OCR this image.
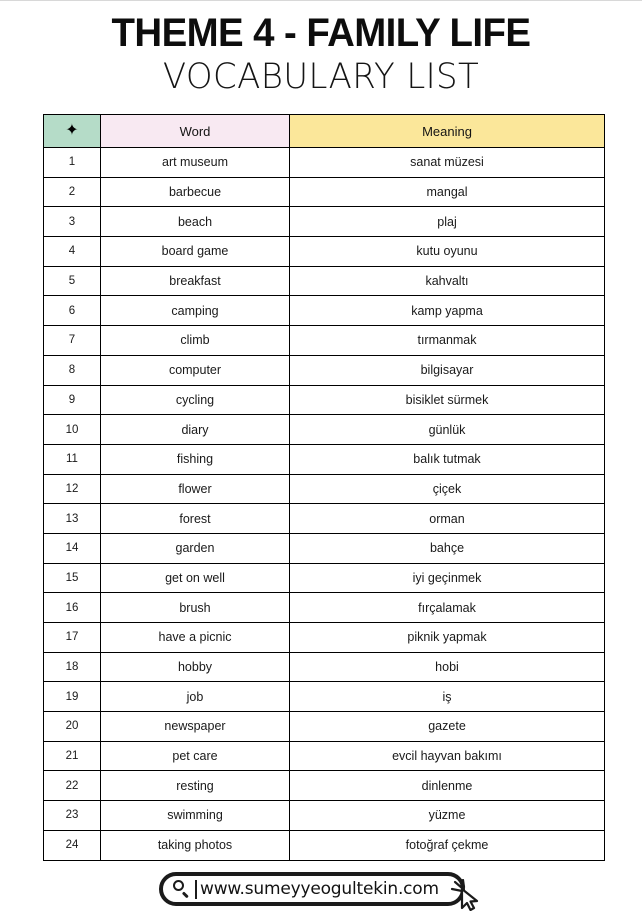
THEME 4 - FAMILY LIFE
VOCABULARY LIST
✦	Word	Meaning
1	art museum	sanat müzesi
2	barbecue	mangal
3	beach	plaj
4	board game	kutu oyunu
5	breakfast	kahvaltı
6	camping	kamp yapma
7	climb	tırmanmak
8	computer	bilgisayar
9	cycling	bisiklet sürmek
10	diary	günlük
11	fishing	balık tutmak
12	flower	çiçek
13	forest	orman
14	garden	bahçe
15	get on well	iyi geçinmek
16	brush	fırçalamak
17	have a picnic	piknik yapmak
18	hobby	hobi
19	job	iş
20	newspaper	gazete
21	pet care	evcil hayvan bakımı
22	resting	dinlenme
23	swimming	yüzme
24	taking photos	fotoğraf çekme
www.sumeyyeogultekin.com
